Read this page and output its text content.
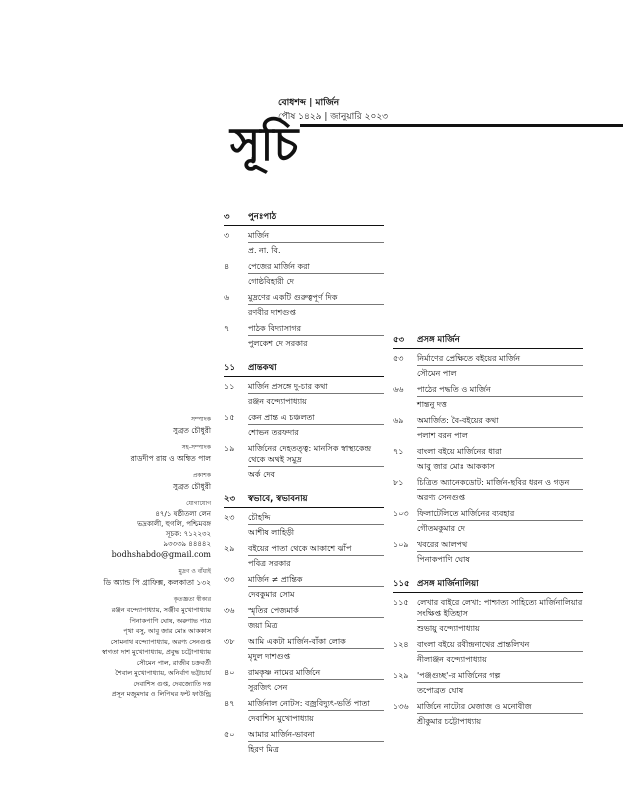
বোধশব্দ | মার্জিন
পৌষ ১৪২৯ | জানুয়ারি ২০২৩
সূচি
সম্পাদক
সুব্রত চৌধুরী
সহ-সম্পাদক
রাডদীপ রায় ও অম্বিত পাল
প্রকাশক
সুব্রত চৌধুরী
যোগাযোগ
৪৭/১ ষষ্ঠীতলা লেন
ভদ্রকালী, হুগলি, পশ্চিমবঙ্গ
সূচক: ৭১২২৩২
৯৩৩৩৯ ৪৪৪৪২
bodhshabdo@gmail.com
মুদ্রণ ও বাঁধাই
ডি অ্যান্ড পি গ্রাফিক্স, কলকাতা ১৩২
কৃতজ্ঞতা স্বীকার
রঞ্জন বন্দ্যোপাধ্যায়, সঞ্জীব মুখোপাধ্যায়
পিনাকপাণি ঘোষ, অরুণাভ পাত্র
পৃথা বসু, আবু জার মোঃ আককাস
সোমনাথ বন্দ্যোপাধ্যায়, অরণ্য সেনগুপ্ত
স্বাগতা দাশ মুখোপাধ্যায়, প্রবুদ্ধ চট্টোপাধ্যায়
সৌমেন পাল, রাজীব চক্রবর্তী
শৈবাল মুখোপাধ্যায়, অনির্বাণ ভট্টাচার্য
দেবাশিস গুপ্ত, দেবজ্যোতি দত্ত
প্রসূন মজুমদার ও লিপিঘর ফন্ট ফাউন্ড্রি
৩	পুনঃপাঠ
৩	মার্জিন
প্র. না. বি.
৪	পেজের মার্জিন করা
গোষ্ঠবিহারী দে
৬	মুদ্রণের একটি গুরুত্বপূর্ণ দিক
রণবীর দাশগুপ্ত
৭	পাঠক বিদ্যাসাগর
পুলকেশ দে সরকার
১১	প্রান্তকথা
১১	মার্জিন প্রসঙ্গে দু-চার কথা
রঞ্জন বন্দ্যোপাধ্যায়
১৫	কেন প্রান্ত এ চঞ্চলতা
শোভন তরফদার
১৯	মার্জিনের দেহতত্ত্ব: মানসিক স্বাস্থ্যকেন্দ্র থেকে অথই সমুদ্র
অর্ক দেব
২৩	স্বভাবে, স্বভাবনায়
২৩	চৌহদ্দি
আশীষ লাহিড়ী
২৯	বইয়ের পাতা থেকে আকাশে ঝাঁপ
পবিত্র সরকার
৩৩	মার্জিন ≠ প্রান্তিক
দেবকুমার সোম
৩৬	স্মৃতির পেজমার্ক
জয়া মিত্র
৩৮	আমি একটা মার্জিন-বাঁকা লোক
মৃদুল দাশগুপ্ত
৪০	রামকৃষ্ণ নামের মার্জিনে
সুরজিৎ সেন
৪৭	মার্জিনাল নোটস: বজ্রবিদ্যুৎ-ভর্তি পাতা
দেবাশিস মুখোপাধ্যায়
৫০	আমার মার্জিন-ভাবনা
হিরণ মিত্র
৫৩	প্রসঙ্গ মার্জিন
৫৩	নির্মাণের প্রেক্ষিতে বইয়ের মার্জিন
সৌমেন পাল
৬৬	পাঠের পদ্ধতি ও মার্জিন
শান্তনু দত্ত
৬৯	অমার্জিত: বৈ-বইয়ের কথা
পলাশ বরন পাল
৭১	বাংলা বইয়ে মার্জিনের ধারা
আবু জার মোঃ আককাস
৮১	চিত্রিত অ্যানেকডোট: মার্জিন-ছবির ধরন ও গড়ন
অরণ্য সেনগুপ্ত
১০৩	ফিলাটেলিতে মার্জিনের ব্যবহার
গৌতমকুমার দে
১০৯	খবরের আলপথ
পিনাকপাণি ঘোষ
১১৫ প্রসঙ্গ মার্জিনালিয়া
১১৫	লেখার বাইরে লেখা: পাশ্চাত্য সাহিত্যে মার্জিনালিয়ার সংক্ষিপ্ত ইতিহাস
শুভায়ু বন্দ্যোপাধ্যায়
১২৪	বাংলা বইয়ে রবীন্দ্রনাথের প্রান্তলিখন
নীলাঞ্জন বন্দ্যোপাধ্যায়
১২৯	'পঞ্জগুচ্ছ'-র মার্জিনের গল্প
তপোব্রত ঘোষ
১৩৬	মার্জিনে নাট্যের মেজাজ ও মনোবীজ
শ্রীকুমার চট্টোপাধ্যায়
